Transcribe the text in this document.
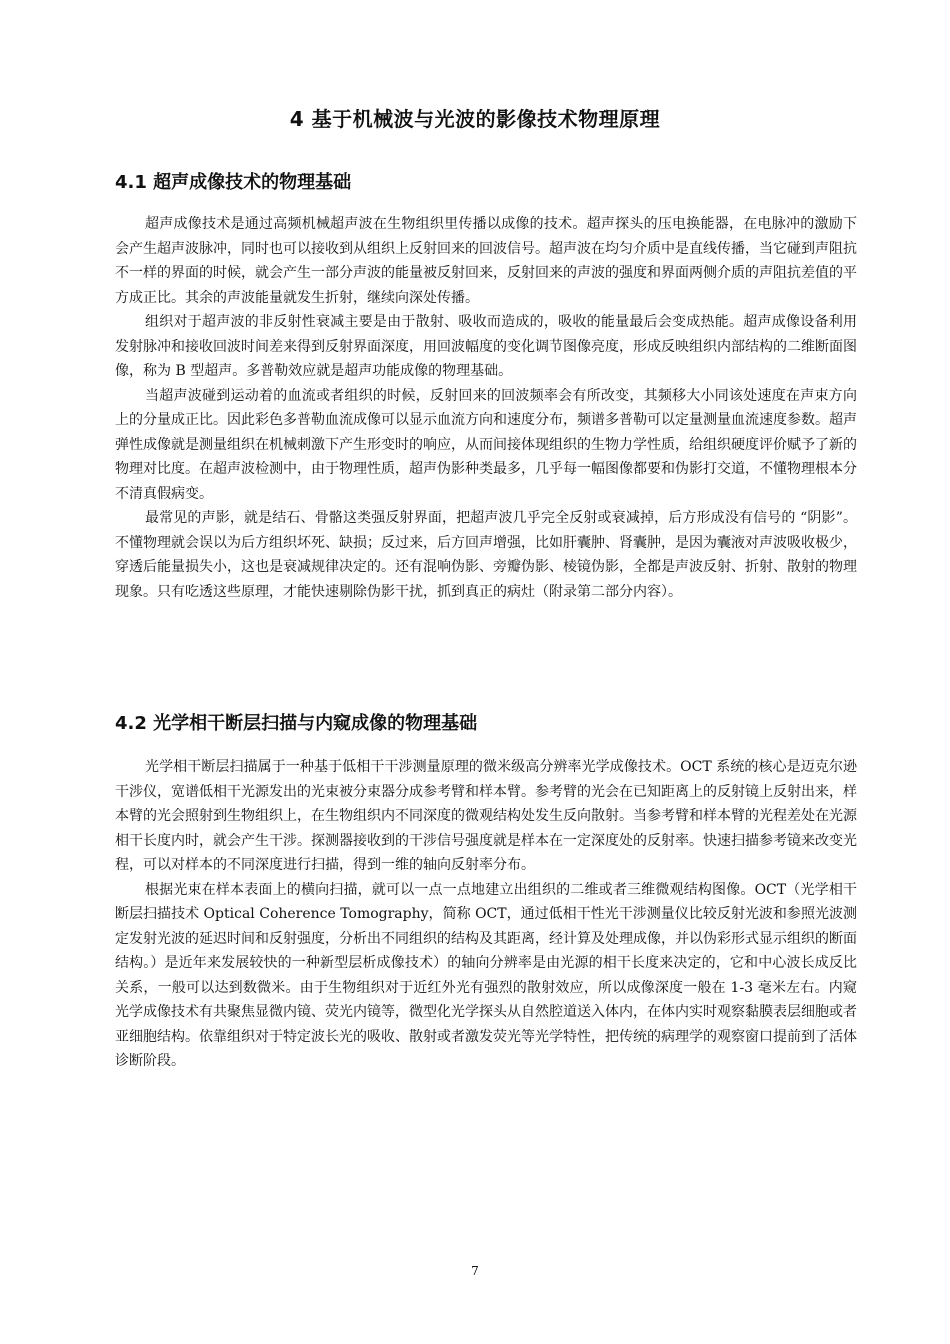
4 基于机械波与光波的影像技术物理原理
4.1 超声成像技术的物理基础

超声成像技术是通过高频机械超声波在生物组织里传播以成像的技术。超声探头的压电换能器，在电脉冲的激励下会产生超声波脉冲，同时也可以接收到从组织上反射回来的回波信号。超声波在均匀介质中是直线传播，当它碰到声阻抗不一样的界面的时候，就会产生一部分声波的能量被反射回来，反射回来的声波的强度和界面两侧介质的声阻抗差值的平方成正比。其余的声波能量就发生折射，继续向深处传播。

组织对于超声波的非反射性衰减主要是由于散射、吸收而造成的，吸收的能量最后会变成热能。超声成像设备利用发射脉冲和接收回波时间差来得到反射界面深度，用回波幅度的变化调节图像亮度，形成反映组织内部结构的二维断面图像，称为 B 型超声。多普勒效应就是超声功能成像的物理基础。

当超声波碰到运动着的血流或者组织的时候，反射回来的回波频率会有所改变，其频移大小同该处速度在声束方向上的分量成正比。因此彩色多普勒血流成像可以显示血流方向和速度分布，频谱多普勒可以定量测量血流速度参数。超声弹性成像就是测量组织在机械刺激下产生形变时的响应，从而间接体现组织的生物力学性质，给组织硬度评价赋予了新的物理对比度。在超声波检测中，由于物理性质，超声伪影种类最多，几乎每一幅图像都要和伪影打交道，不懂物理根本分不清真假病变。

最常见的声影，就是结石、骨骼这类强反射界面，把超声波几乎完全反射或衰减掉，后方形成没有信号的 “阴影”。不懂物理就会误以为后方组织坏死、缺损；反过来，后方回声增强，比如肝囊肿、肾囊肿，是因为囊液对声波吸收极少，穿透后能量损失小，这也是衰减规律决定的。还有混响伪影、旁瓣伪影、棱镜伪影，全都是声波反射、折射、散射的物理现象。只有吃透这些原理，才能快速剔除伪影干扰，抓到真正的病灶（附录第二部分内容）。

4.2 光学相干断层扫描与内窥成像的物理基础

光学相干断层扫描属于一种基于低相干干涉测量原理的微米级高分辨率光学成像技术。OCT 系统的核心是迈克尔逊干涉仪，宽谱低相干光源发出的光束被分束器分成参考臂和样本臂。参考臂的光会在已知距离上的反射镜上反射出来，样本臂的光会照射到生物组织上，在生物组织内不同深度的微观结构处发生反向散射。当参考臂和样本臂的光程差处在光源相干长度内时，就会产生干涉。探测器接收到的干涉信号强度就是样本在一定深度处的反射率。快速扫描参考镜来改变光程，可以对样本的不同深度进行扫描，得到一维的轴向反射率分布。

根据光束在样本表面上的横向扫描，就可以一点一点地建立出组织的二维或者三维微观结构图像。OCT（光学相干断层扫描技术 Optical Coherence Tomography，简称 OCT，通过低相干性光干涉测量仪比较反射光波和参照光波测定发射光波的延迟时间和反射强度，分析出不同组织的结构及其距离，经计算及处理成像，并以伪彩形式显示组织的断面结构。）是近年来发展较快的一种新型层析成像技术）的轴向分辨率是由光源的相干长度来决定的，它和中心波长成反比关系，一般可以达到数微米。由于生物组织对于近红外光有强烈的散射效应，所以成像深度一般在 1-3 毫米左右。内窥光学成像技术有共聚焦显微内镜、荧光内镜等，微型化光学探头从自然腔道送入体内，在体内实时观察黏膜表层细胞或者亚细胞结构。依靠组织对于特定波长光的吸收、散射或者激发荧光等光学特性，把传统的病理学的观察窗口提前到了活体诊断阶段。

7
